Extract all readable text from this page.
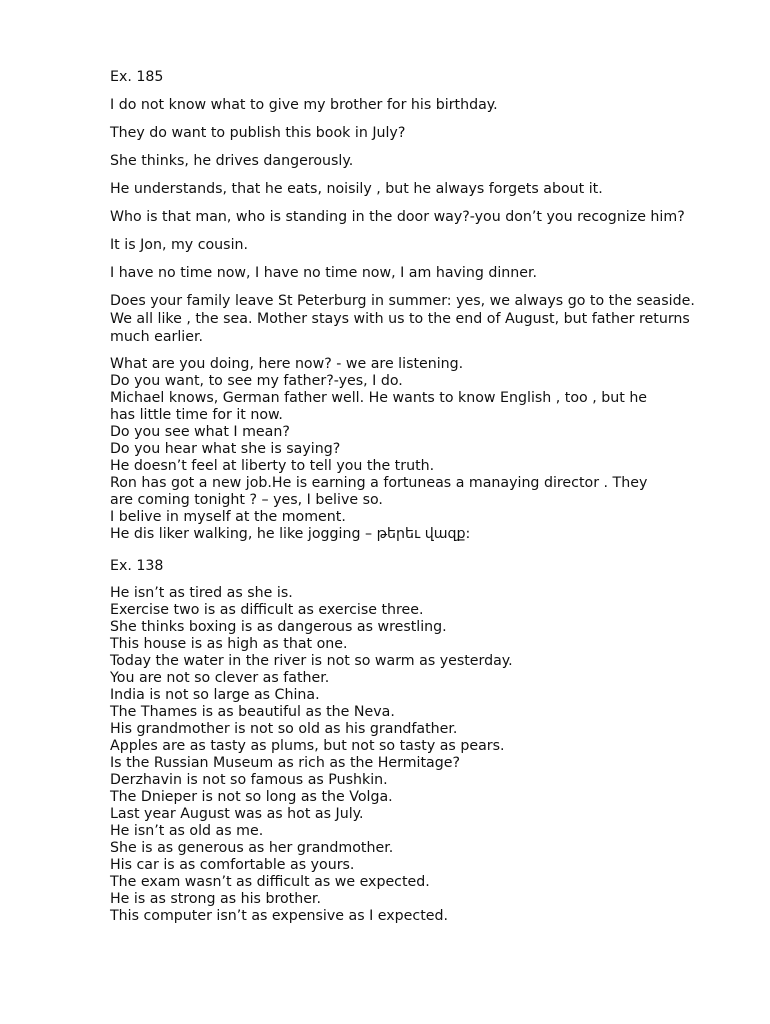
Ex. 185

I do not know what to give my brother for his birthday.

They do want to publish this book in July?

She thinks, he drives dangerously.

He understands, that he eats, noisily , but he always forgets about it.

Who is that man, who is standing in the door way?-you don’t you recognize him?

It is Jon, my cousin.

I have no time now, I have no time now, I am having dinner.

Does your family leave St Peterburg in summer: yes, we always go to the seaside. We all like , the sea. Mother stays with us to the end of August, but father returns much earlier.

What are you doing, here now? - we are listening.

Do you want, to see my father?-yes, I do.

Michael knows, German father well. He wants to know English , too , but he

has little time for it now.

Do you see what I mean?

Do you hear what she is saying?

He doesn’t feel at liberty to tell you the truth.

Ron has got a new job.He is earning a fortuneas a manaying director . They

are coming tonight ? – yes, I belive so.

I belive in myself at the moment.

He dis liker walking, he like jogging – թերեւ վազք:

Ex. 138

He isn’t as tired as she is.

Exercise two is as difficult as exercise three.

She thinks boxing is as dangerous as wrestling.

This house is as high as that one.

Today the water in the river is not so warm as yesterday.

You are not so clever as father.

India is not so large as China.

The Thames is as beautiful as the Neva.

His grandmother is not so old as his grandfather.

Apples are as tasty as plums, but not so tasty as pears.

Is the Russian Museum as rich as the Hermitage?

Derzhavin is not so famous as Pushkin.

The Dnieper is not so long as the Volga.

Last year August was as hot as July.

He isn’t as old as me.

She is as generous as her grandmother.

His car is as comfortable as yours.

The exam wasn’t as difficult as we expected.

He is as strong as his brother.

This computer isn’t as expensive as I expected.
